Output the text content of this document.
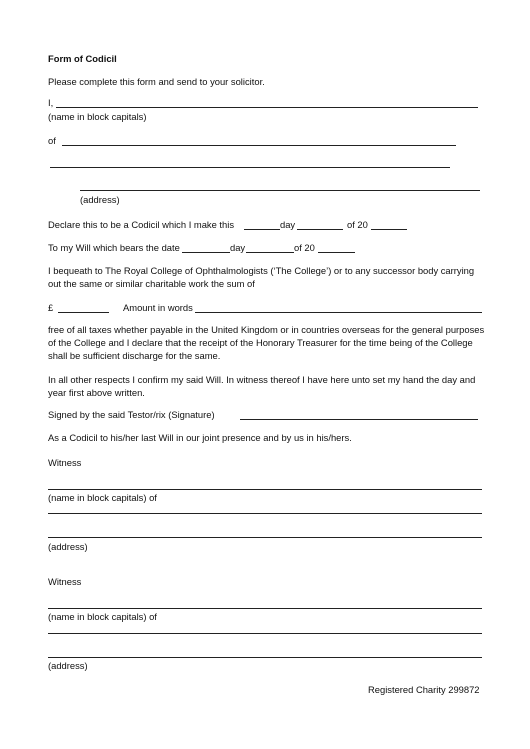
Form of Codicil
Please complete this form and send to your solicitor.
I,
(name in block capitals)
of
(address)
Declare this to be a Codicil which I make this	day	of 20
To my Will which bears the date	day	of 20
I bequeath to The Royal College of Ophthalmologists (‘The College’) or to any successor body carrying out the same or similar charitable work the sum of
£	Amount in words
free of all taxes whether payable in the United Kingdom or in countries overseas for the general purposes of the College and I declare that the receipt of the Honorary Treasurer for the time being of the College shall be sufficient discharge for the same.
In all other respects I confirm my said Will. In witness thereof I have here unto set my hand the day and year first above written.
Signed by the said Testor/rix (Signature)
As a Codicil to his/her last Will in our joint presence and by us in his/hers.
Witness
(name in block capitals) of
(address)
Witness
(name in block capitals) of
(address)
Registered Charity 299872
